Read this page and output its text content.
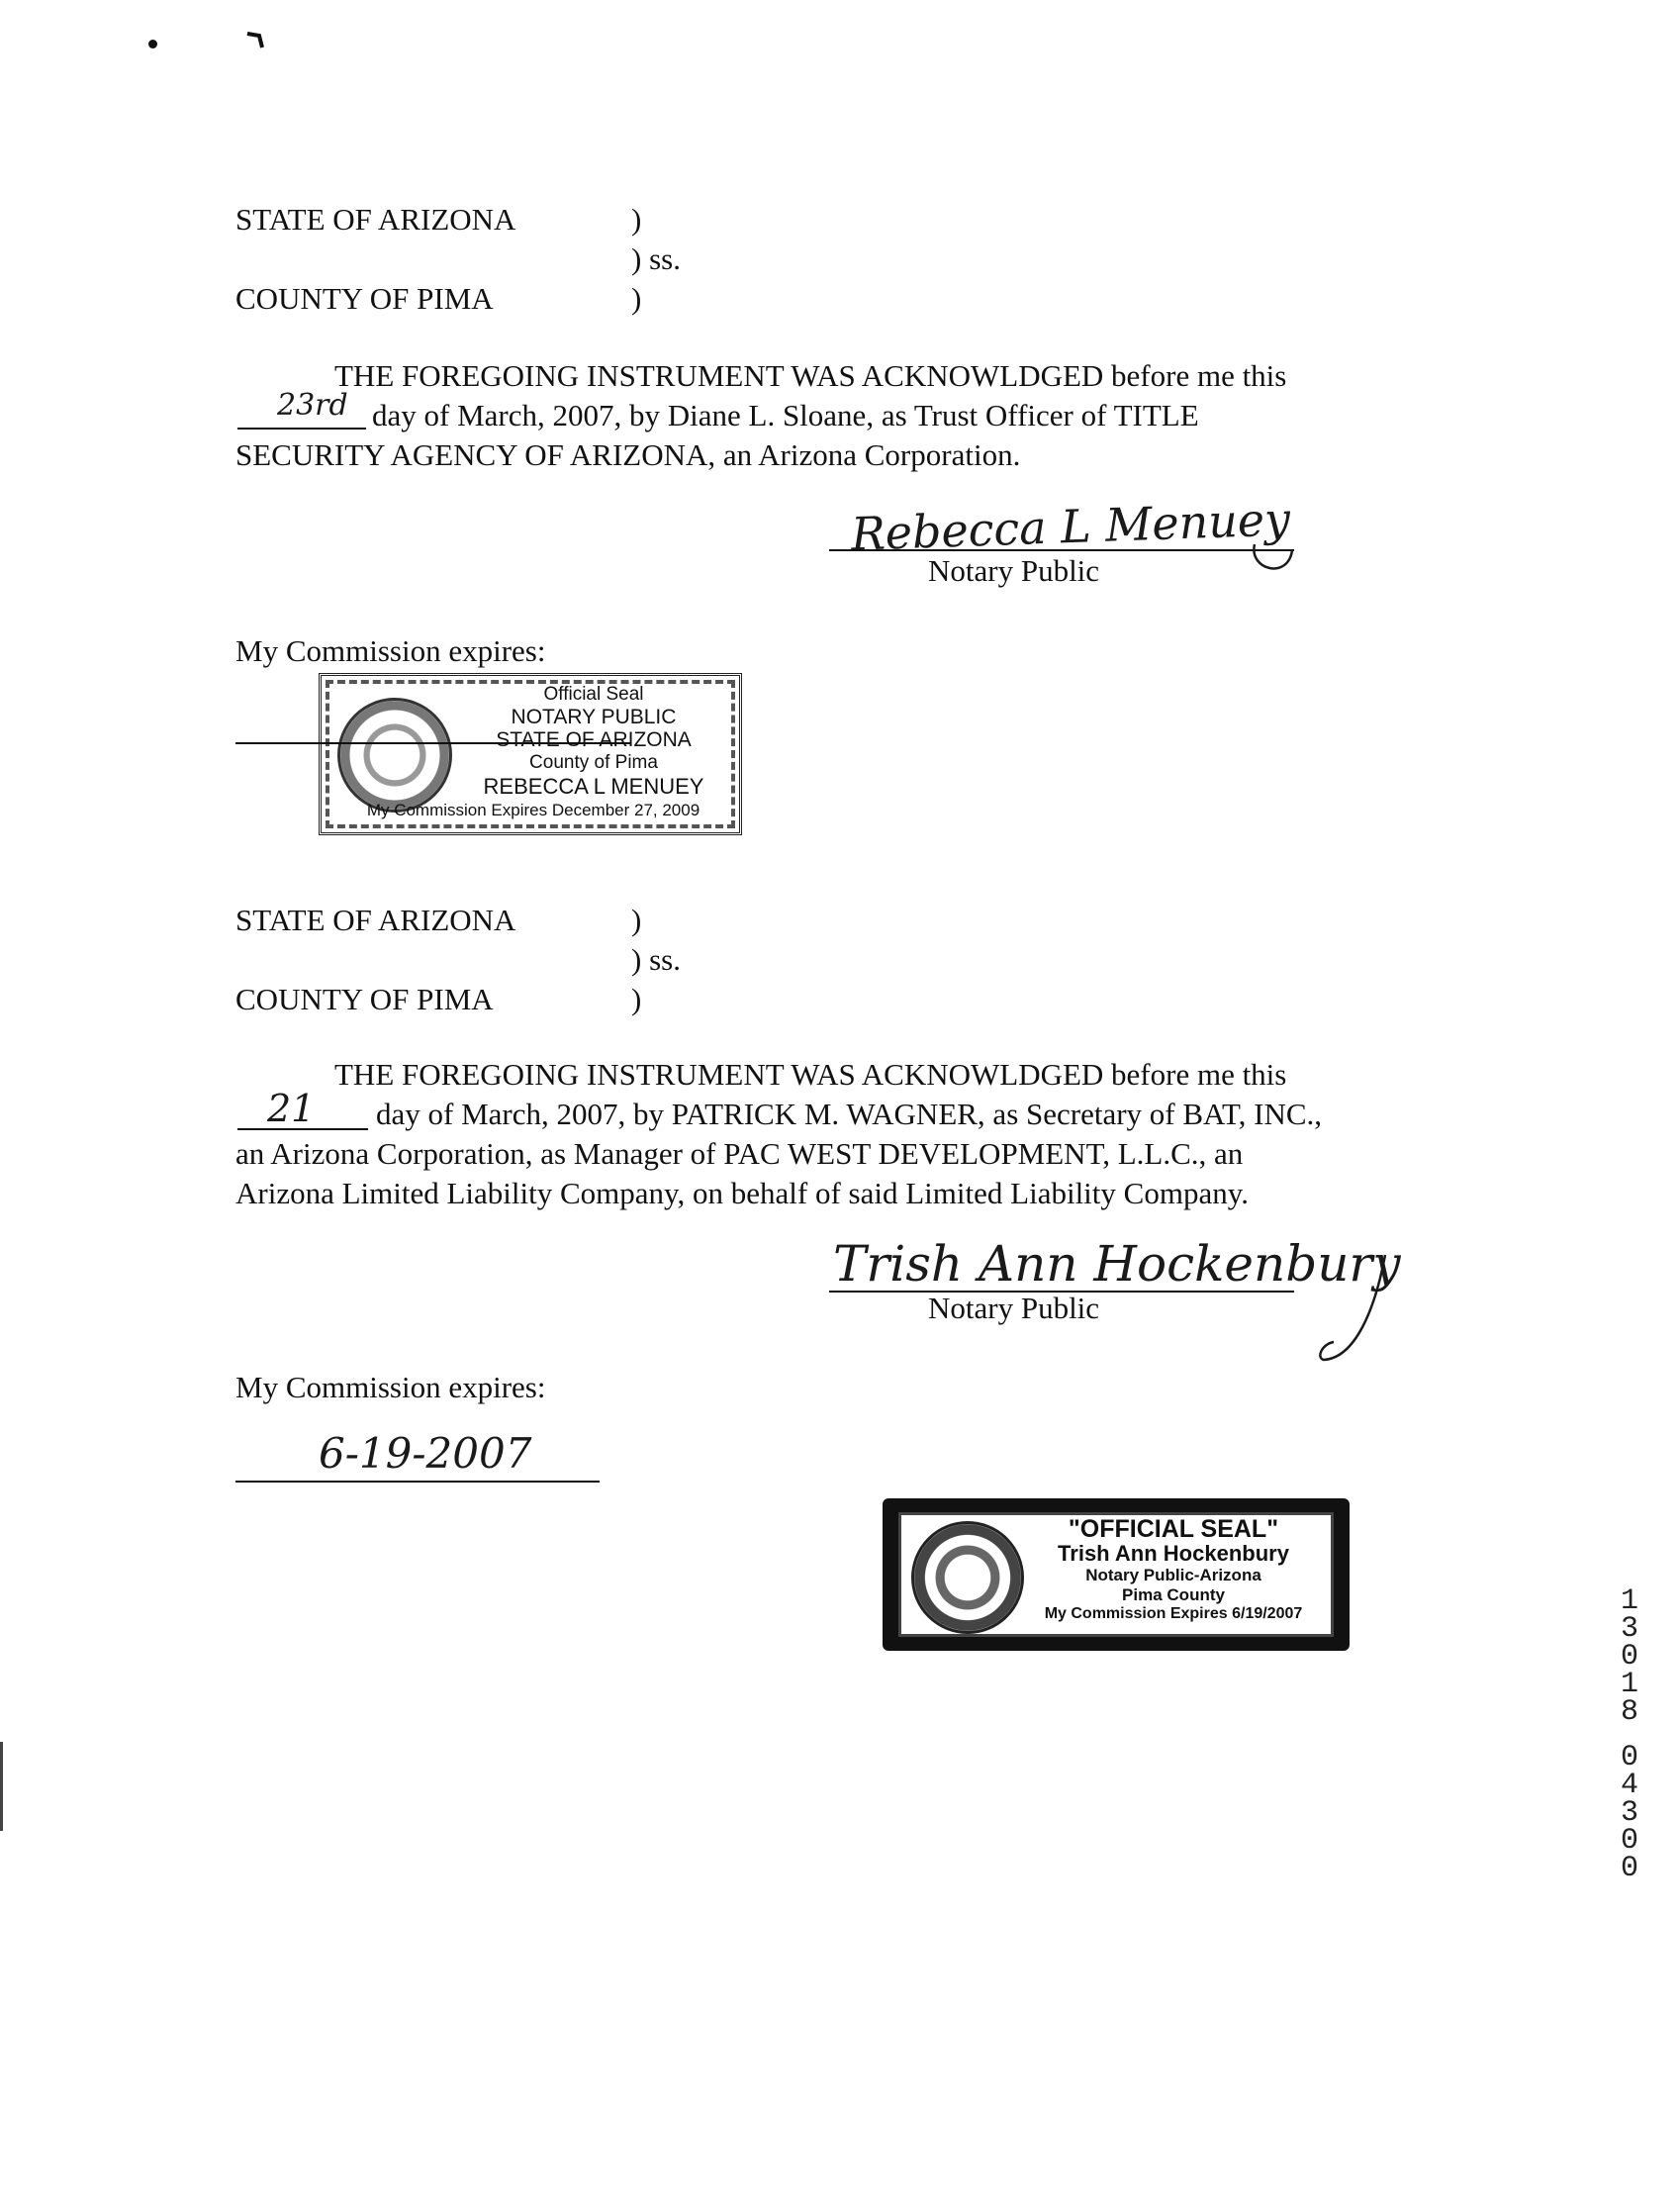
STATE OF ARIZONA	)
) ss.
COUNTY OF PIMA	)
THE FOREGOING INSTRUMENT WAS ACKNOWLDGED before me this
23rd day of March, 2007, by Diane L. Sloane, as Trust Officer of TITLE
SECURITY AGENCY OF ARIZONA, an Arizona Corporation.
Rebecca L Menuey
Notary Public
My Commission expires:
Official Seal
NOTARY PUBLIC
STATE OF ARIZONA
County of Pima
REBECCA L MENUEY
My Commission Expires December 27, 2009
STATE OF ARIZONA	)
) ss.
COUNTY OF PIMA	)
THE FOREGOING INSTRUMENT WAS ACKNOWLDGED before me this
21 day of March, 2007, by PATRICK M. WAGNER, as Secretary of BAT, INC.,
an Arizona Corporation, as Manager of PAC WEST DEVELOPMENT, L.L.C., an
Arizona Limited Liability Company, on behalf of said Limited Liability Company.
Trish Ann Hockenbury
Notary Public
My Commission expires:
6-19-2007
"OFFICIAL SEAL"
Trish Ann Hockenbury
Notary Public-Arizona
Pima County
My Commission Expires 6/19/2007	1
3
0
1
8
0
4
3
0
0
